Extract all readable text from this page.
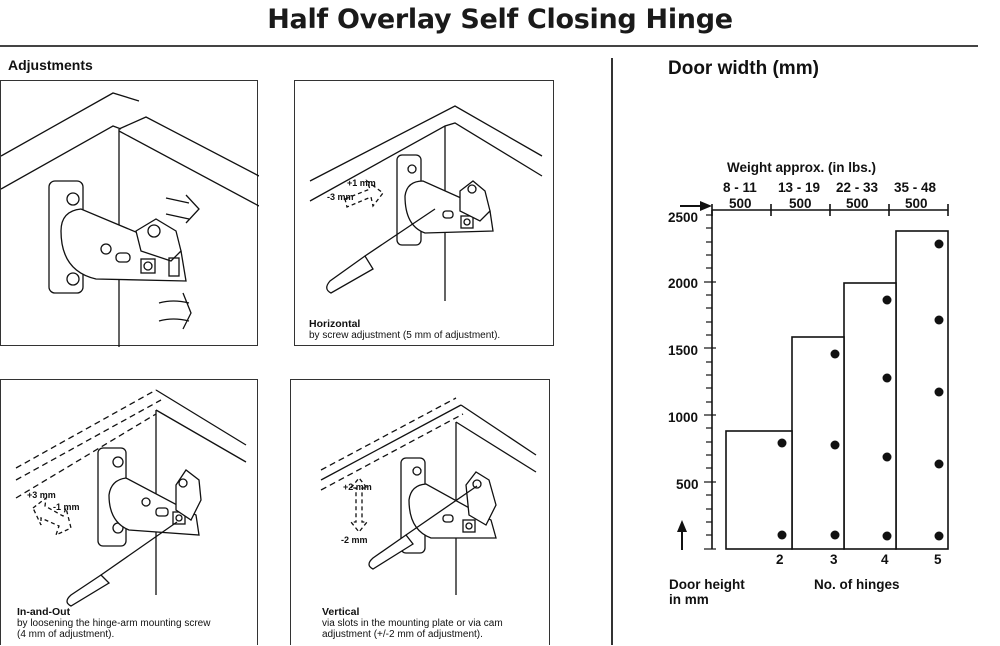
Half Overlay Self Closing Hinge
Adjustments
+1 mm
-3 mm
Horizontal
by screw adjustment (5 mm of adjustment).
+3 mm
-1 mm
In-and-Out
by loosening the hinge-arm mounting screw
(4 mm of adjustment).
+2 mm
-2 mm
Vertical
via slots in the mounting plate or via cam
adjustment (+/-2 mm of adjustment).
Door width (mm)
Weight approx. (in lbs.)
8 - 11 13 - 19 22 - 33 35 - 48
500	500	500	500
2500
2000
1500
1000
500
2	3	4	5
Door height
in mm
No. of hinges
